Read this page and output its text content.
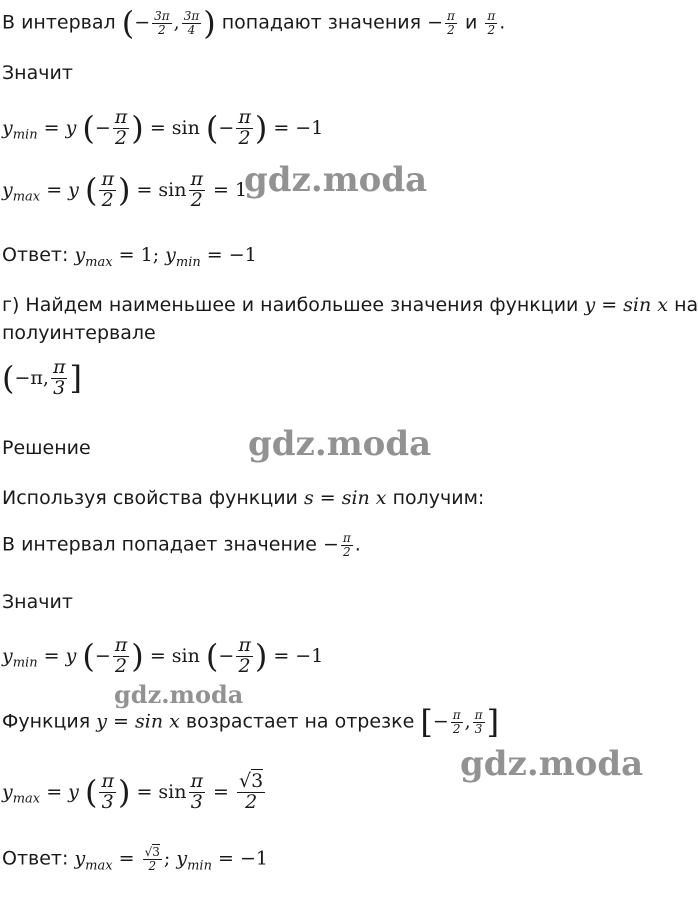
В интервал (− $\frac{3\pi}{2}$ , $\frac{3\pi}{4}$ ) попадают значения − $\frac{\pi}{2}$ и $\frac{\pi}{2}$ .
Значит
$y_{min} = y$ (− $\frac{\pi}{2}$ ) = sin (− $\frac{\pi}{2}$ ) = −1
$y_{max} = y$ ( $\frac{\pi}{2}$ ) = $\sin \frac{\pi}{2} = 1$
Ответ: $y_{max} = 1$; $y_{min} = -1$
г) Найдем наименьшее и наибольшее значения функции y = sin x на
полуинтервале
(−π, $\frac{\pi}{3}$ ]
Решение
Используя свойства функции s = sin x получим:
В интервал попадает значение − $\frac{\pi}{2}$ .
Значит
$y_{min} = y$ (− $\frac{\pi}{2}$ ) = sin (− $\frac{\pi}{2}$ ) = −1
Функция y = sin x возрастает на отрезке [− $\frac{\pi}{2}$ , $\frac{\pi}{3}$ ]
$y_{max} = y$ ( $\frac{\pi}{3}$ ) = $\sin \frac{\pi}{3} = \frac{√3}{2}$
Ответ: $y_{max} = \frac{√3}{2}$ ; $y_{min} = -1$
gdz.moda
gdz.moda
gdz.moda
gdz.moda
